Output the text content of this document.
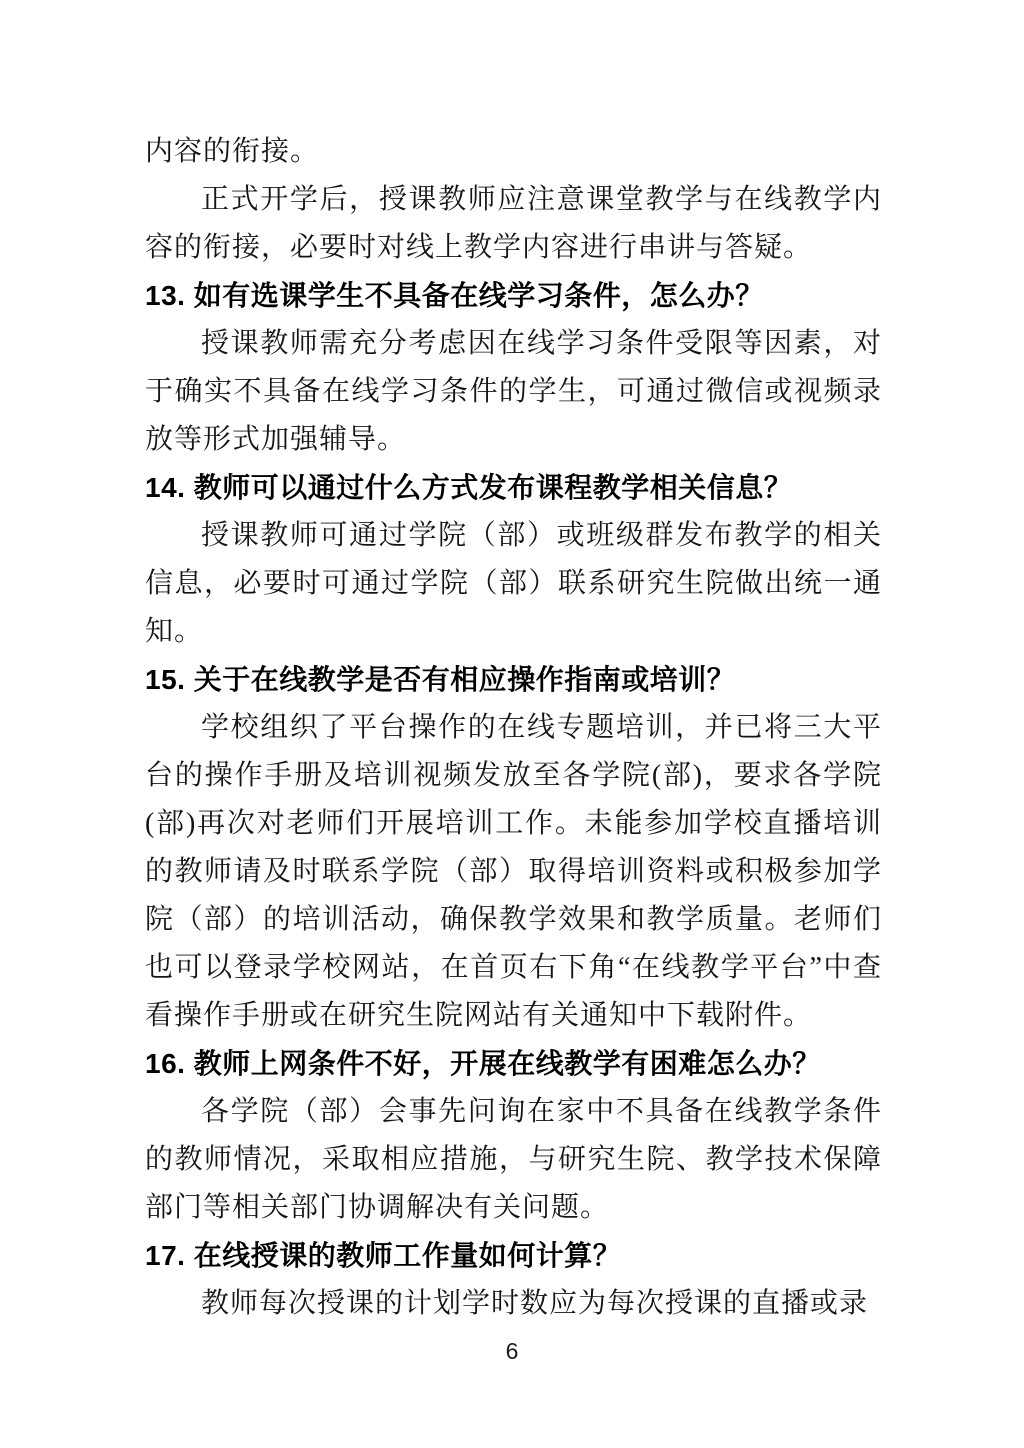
内容的衔接。

正式开学后，授课教师应注意课堂教学与在线教学内容的衔接，必要时对线上教学内容进行串讲与答疑。

13. 如有选课学生不具备在线学习条件，怎么办？

授课教师需充分考虑因在线学习条件受限等因素，对于确实不具备在线学习条件的学生，可通过微信或视频录放等形式加强辅导。

14. 教师可以通过什么方式发布课程教学相关信息？

授课教师可通过学院（部）或班级群发布教学的相关信息，必要时可通过学院（部）联系研究生院做出统一通知。

15. 关于在线教学是否有相应操作指南或培训？

学校组织了平台操作的在线专题培训，并已将三大平台的操作手册及培训视频发放至各学院(部)，要求各学院(部)再次对老师们开展培训工作。未能参加学校直播培训的教师请及时联系学院（部）取得培训资料或积极参加学院（部）的培训活动，确保教学效果和教学质量。老师们也可以登录学校网站，在首页右下角“在线教学平台”中查看操作手册或在研究生院网站有关通知中下载附件。

16. 教师上网条件不好，开展在线教学有困难怎么办？

各学院（部）会事先问询在家中不具备在线教学条件的教师情况，采取相应措施，与研究生院、教学技术保障部门等相关部门协调解决有关问题。

17. 在线授课的教师工作量如何计算？

教师每次授课的计划学时数应为每次授课的直播或录

6
